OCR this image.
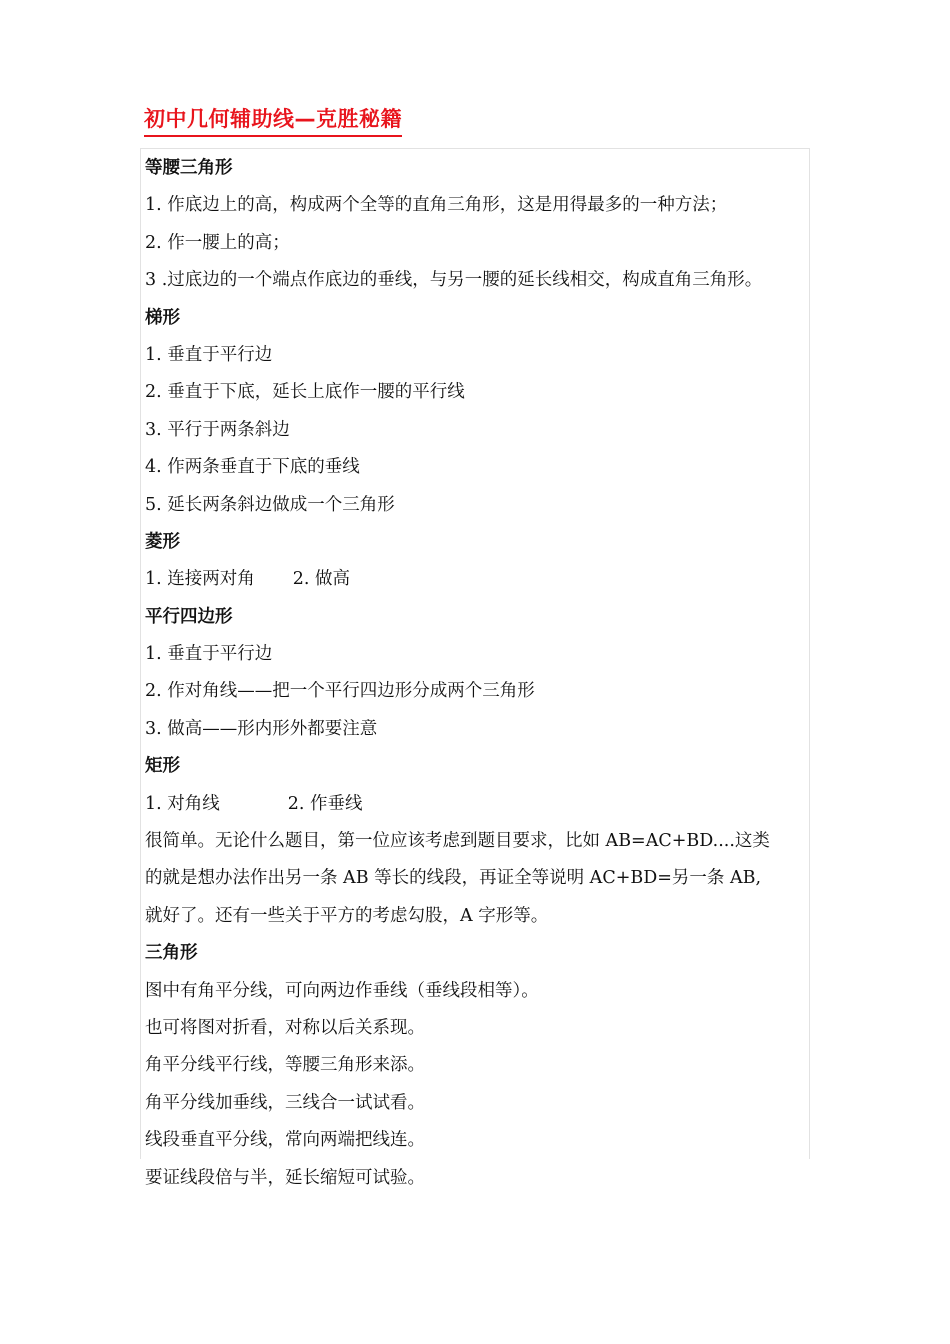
初中几何辅助线—克胜秘籍
等腰三角形
1. 作底边上的高，构成两个全等的直角三角形，这是用得最多的一种方法；
2. 作一腰上的高；
3 .过底边的一个端点作底边的垂线，与另一腰的延长线相交，构成直角三角形。
梯形
1. 垂直于平行边
2. 垂直于下底，延长上底作一腰的平行线
3. 平行于两条斜边
4. 作两条垂直于下底的垂线
5. 延长两条斜边做成一个三角形
菱形
1. 连接两对角 2. 做高
平行四边形
1. 垂直于平行边
2. 作对角线——把一个平行四边形分成两个三角形
3. 做高——形内形外都要注意
矩形
1. 对角线	2. 作垂线
很简单。无论什么题目，第一位应该考虑到题目要求，比如 AB=AC+BD....这类
的就是想办法作出另一条 AB 等长的线段，再证全等说明 AC+BD=另一条 AB,
就好了。还有一些关于平方的考虑勾股，A 字形等。
三角形
图中有角平分线，可向两边作垂线（垂线段相等）。
也可将图对折看，对称以后关系现。
角平分线平行线，等腰三角形来添。
角平分线加垂线，三线合一试试看。
线段垂直平分线，常向两端把线连。
要证线段倍与半，延长缩短可试验。
